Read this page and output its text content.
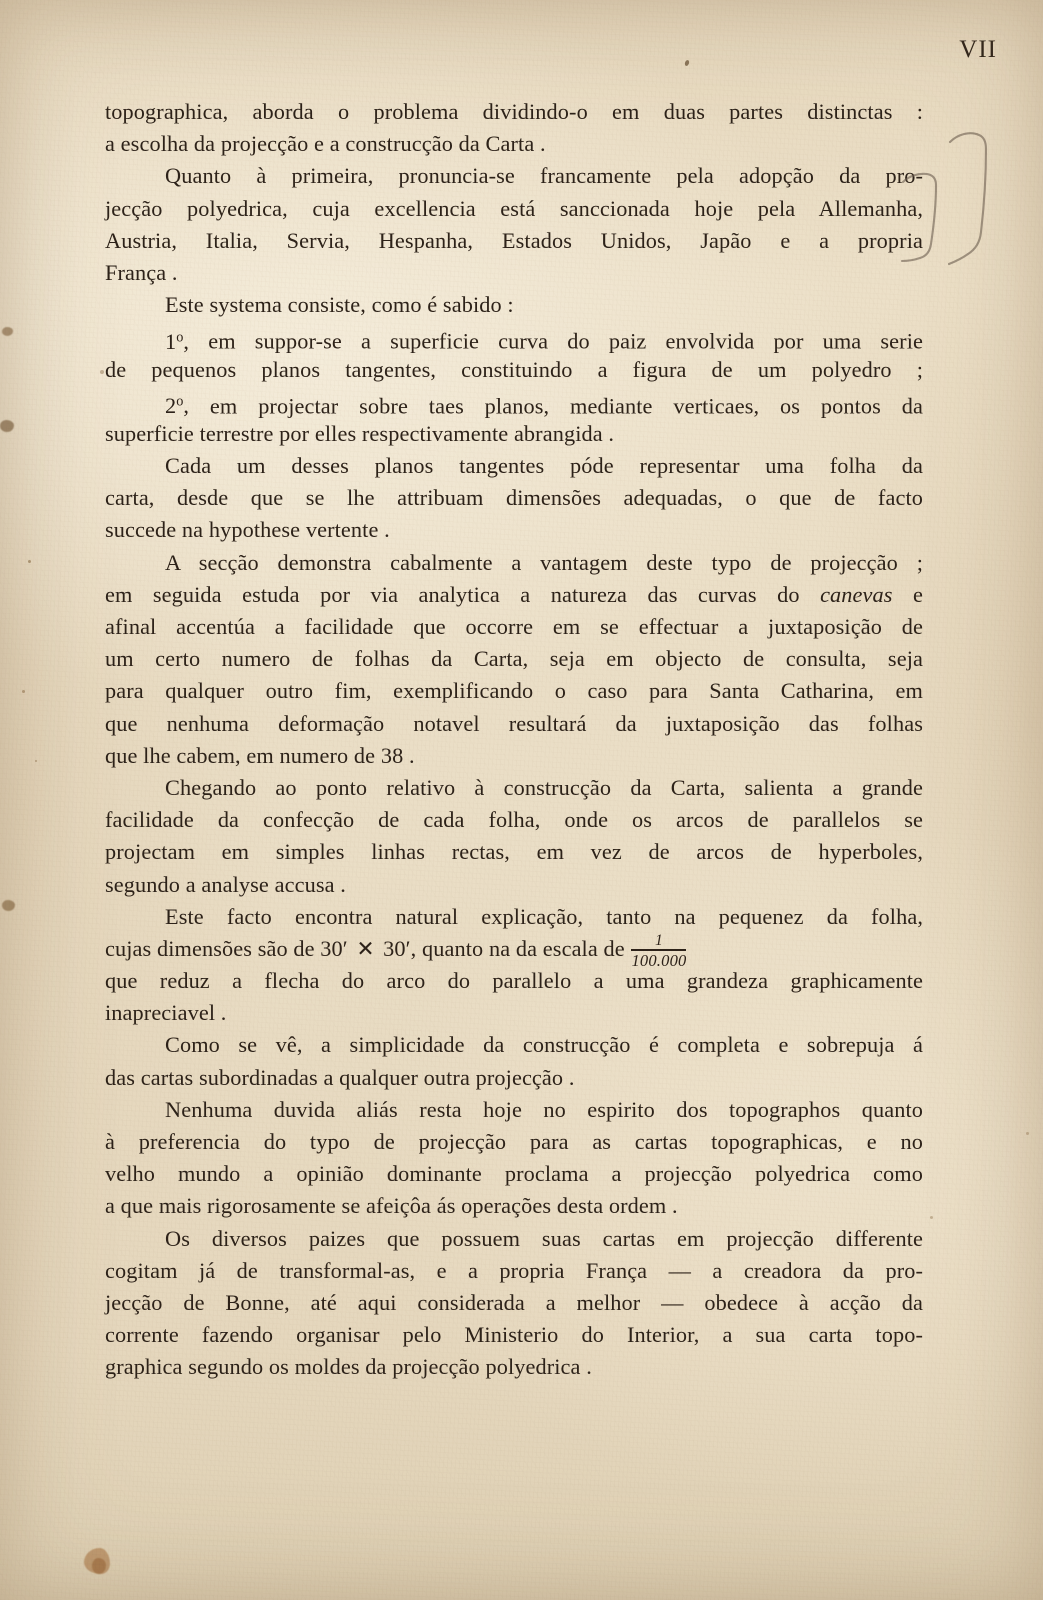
VII
topographica, aborda o problema dividindo-o em duas partes distinctas :
a escolha da projecção e a construcção da Carta .
Quanto à primeira, pronuncia-se francamente pela adopção da pro-
jecção polyedrica, cuja excellencia está sanccionada hoje pela Allemanha,
Austria, Italia, Servia, Hespanha, Estados Unidos, Japão e a propria
França .
Este systema consiste, como é sabido :
1$^o$, em suppor-se a superficie curva do paiz envolvida por uma serie
de pequenos planos tangentes, constituindo a figura de um polyedro ;
2$^o$, em projectar sobre taes planos, mediante verticaes, os pontos da
superficie terrestre por elles respectivamente abrangida .
Cada um desses planos tangentes póde representar uma folha da
carta, desde que se lhe attribuam dimensões adequadas, o que de facto
succede na hypothese vertente .
A secção demonstra cabalmente a vantagem deste typo de projecção ;
em seguida estuda por via analytica a natureza das curvas do canevas e
afinal accentúa a facilidade que occorre em se effectuar a juxtaposição de
um certo numero de folhas da Carta, seja em objecto de consulta, seja
para qualquer outro fim, exemplificando o caso para Santa Catharina, em
que nenhuma deformação notavel resultará da juxtaposição das folhas
que lhe cabem, em numero de 38 .
Chegando ao ponto relativo à construcção da Carta, salienta a grande
facilidade da confecção de cada folha, onde os arcos de parallelos se
projectam em simples linhas rectas, em vez de arcos de hyperboles,
segundo a analyse accusa .
Este facto encontra natural explicação, tanto na pequenez da folha,
cujas dimensões são de 30′ ✕ 30′, quanto na da escala de $\frac{1}{100.000}$
que reduz a flecha do arco do parallelo a uma grandeza graphicamente
inapreciavel .
Como se vê, a simplicidade da construcção é completa e sobrepuja á
das cartas subordinadas a qualquer outra projecção .
Nenhuma duvida aliás resta hoje no espirito dos topographos quanto
à preferencia do typo de projecção para as cartas topographicas, e no
velho mundo a opinião dominante proclama a projecção polyedrica como
a que mais rigorosamente se afeiçôa ás operações desta ordem .
Os diversos paizes que possuem suas cartas em projecção differente
cogitam já de transformal-as, e a propria França — a creadora da pro-
jecção de Bonne, até aqui considerada a melhor — obedece à acção da
corrente fazendo organisar pelo Ministerio do Interior, a sua carta topo-
graphica segundo os moldes da projecção polyedrica .
